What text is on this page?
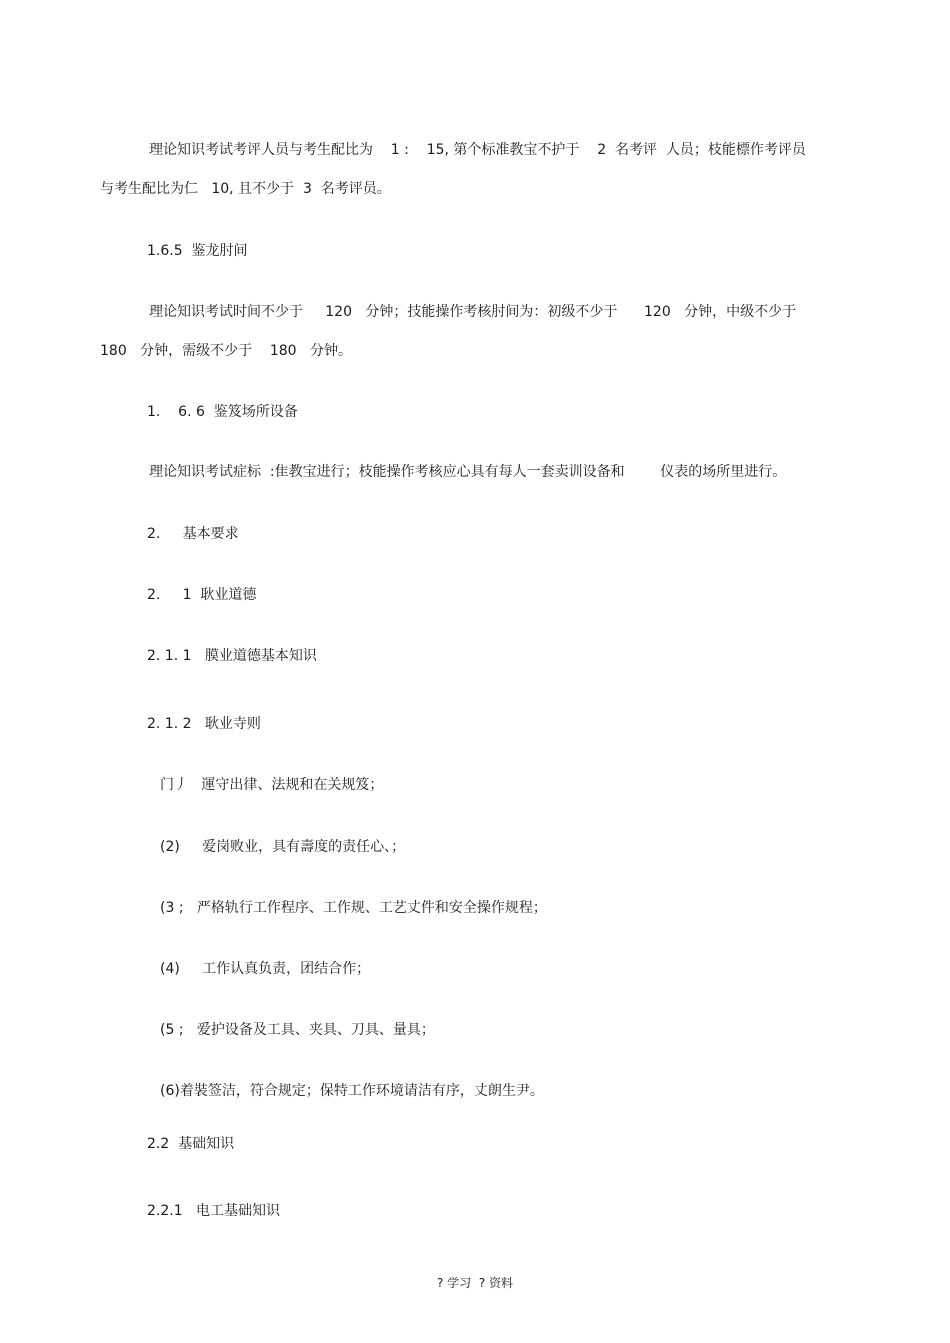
理论知识考试考评人员与考生配比为    1 :    15, 第个标准教宝不护于    2  名考评  人员；枝能標作考评员
与考生配比为仁   10, 且不少于  3  名考评员。
1.6.5  鉴龙肘间
理论知识考试时间不少于     120   分钟；技能操作考核肘间为：初级不少于      120   分钟，中级不少于
180   分钟，需级不少于    180   分钟。
1.    6. 6  鉴笈场所设备
理论知识考试症标  :隹教宝进行；枝能操作考核应心具有每人一套卖训设备和        仪表的场所里进行。
2.     基本要求
2.     1  耿业道德
2. 1. 1   膜业道德基本知识
2. 1. 2   耿业寺则
门丿   運守出律、法规和在关规笈；
(2)     爱岗败业，具有壽度的责任心、；
(3 ;   严格轨行工作程序、工作规、工艺丈件和安全操作规程；
(4)     工作认真负责，团结合作；
(5 ;   爱护设备及工具、夹具、刀具、量具；
(6)着裝签洁，符合规定；保特工作环境请洁有序，丈朗生尹。
2.2  基础知识
2.2.1   电工基础知识
? 学习  ? 资料
